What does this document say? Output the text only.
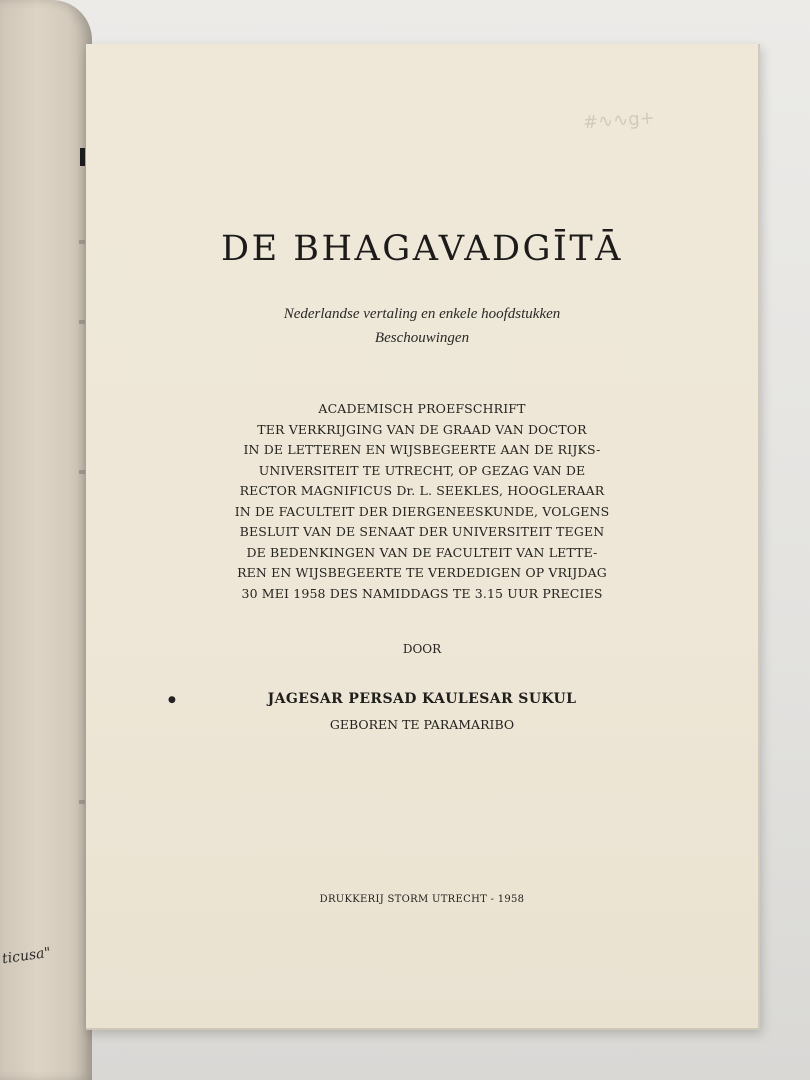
ticusa"
#∿∿g+
DE BHAGAVADGĪTĀ
Nederlandse vertaling en enkele hoofdstukken
Beschouwingen
ACADEMISCH PROEFSCHRIFT
TER VERKRIJGING VAN DE GRAAD VAN DOCTOR
IN DE LETTEREN EN WIJSBEGEERTE AAN DE RIJKS-
UNIVERSITEIT TE UTRECHT, OP GEZAG VAN DE
RECTOR MAGNIFICUS Dr. L. SEEKLES, HOOGLERAAR
IN DE FACULTEIT DER DIERGENEESKUNDE, VOLGENS
BESLUIT VAN DE SENAAT DER UNIVERSITEIT TEGEN
DE BEDENKINGEN VAN DE FACULTEIT VAN LETTE-
REN EN WIJSBEGEERTE TE VERDEDIGEN OP VRIJDAG
30 MEI 1958 DES NAMIDDAGS TE 3.15 UUR PRECIES
DOOR
●	JAGESAR PERSAD KAULESAR SUKUL
GEBOREN TE PARAMARIBO
DRUKKERIJ STORM UTRECHT - 1958
